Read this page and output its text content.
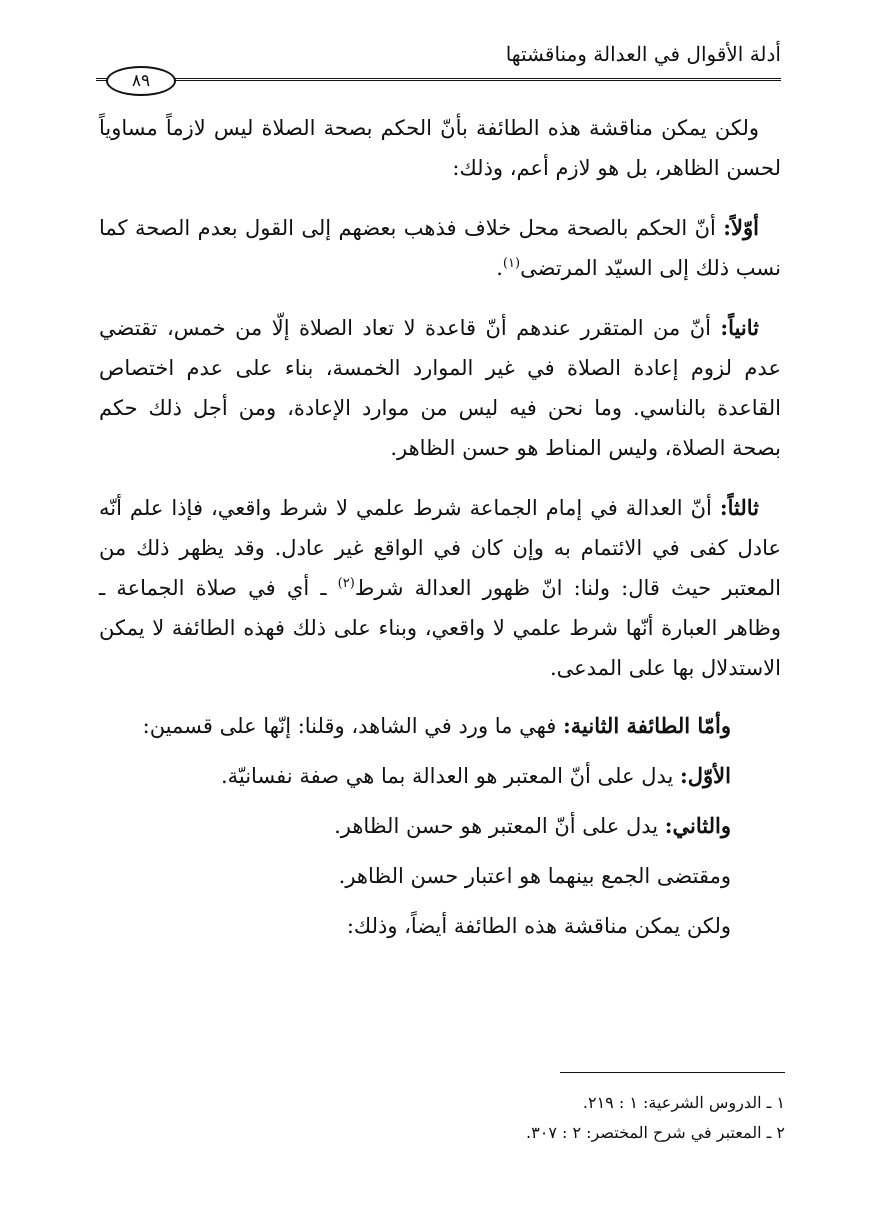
أدلة الأقوال في العدالة ومناقشتها
٨٩

ولكن يمكن مناقشة هذه الطائفة بأنّ الحكم بصحة الصلاة ليس لازماً مساوياً لحسن الظاهر، بل هو لازم أعم، وذلك:

أوّلاً: أنّ الحكم بالصحة محل خلاف فذهب بعضهم إلى القول بعدم الصحة كما نسب ذلك إلى السيّد المرتضى$^{(١)}$.

ثانياً: أنّ من المتقرر عندهم أنّ قاعدة لا تعاد الصلاة إلّا من خمس، تقتضي عدم لزوم إعادة الصلاة في غير الموارد الخمسة، بناء على عدم اختصاص القاعدة بالناسي. وما نحن فيه ليس من موارد الإعادة، ومن أجل ذلك حكم بصحة الصلاة، وليس المناط هو حسن الظاهر.

ثالثاً: أنّ العدالة في إمام الجماعة شرط علمي لا شرط واقعي، فإذا علم أنّه عادل كفى في الائتمام به وإن كان في الواقع غير عادل. وقد يظهر ذلك من المعتبر حيث قال: ولنا: انّ ظهور العدالة شرط$^{(٢)}$ ـ أي في صلاة الجماعة ـ وظاهر العبارة أنّها شرط علمي لا واقعي، وبناء على ذلك فهذه الطائفة لا يمكن الاستدلال بها على المدعى.

وأمّا الطائفة الثانية: فهي ما ورد في الشاهد، وقلنا: إنّها على قسمين:

الأوّل: يدل على أنّ المعتبر هو العدالة بما هي صفة نفسانيّة.

والثاني: يدل على أنّ المعتبر هو حسن الظاهر.

ومقتضى الجمع بينهما هو اعتبار حسن الظاهر.

ولكن يمكن مناقشة هذه الطائفة أيضاً، وذلك:

١ ـ الدروس الشرعية: ١ : ٢١٩.
٢ ـ المعتبر في شرح المختصر: ٢ : ٣٠٧.
